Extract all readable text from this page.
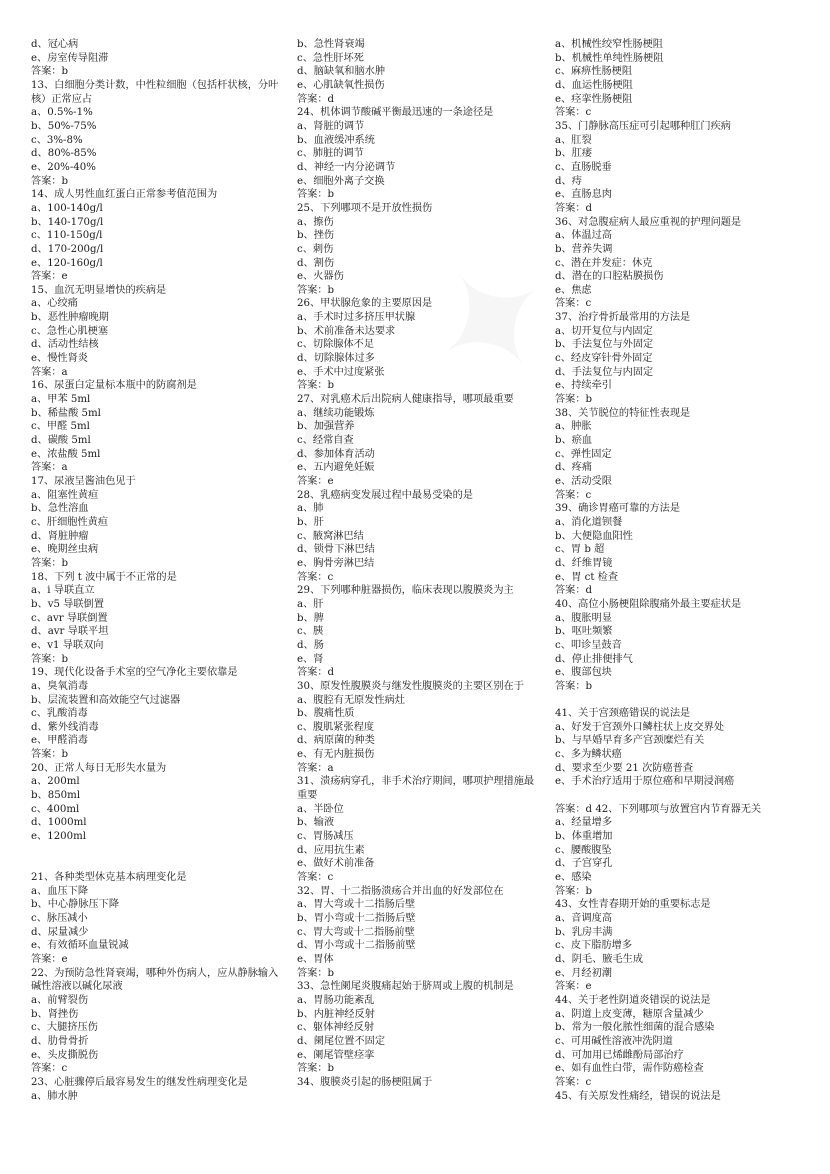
d、冠心病
e、房室传导阻滞
答案：b
13、白细胞分类计数，中性粒细胞（包括杆状核，分叶核）正常应占
a、0.5%-1%
b、50%-75%
c、3%-8%
d、80%-85%
e、20%-40%
答案：b
14、成人男性血红蛋白正常参考值范围为
a、100-140g/l
b、140-170g/l
c、110-150g/l
d、170-200g/l
e、120-160g/l
答案：e
15、血沉无明显增快的疾病是
a、心绞痛
b、恶性肿瘤晚期
c、急性心肌梗塞
d、活动性结核
e、慢性肾炎
答案：a
16、尿蛋白定量标本瓶中的防腐剂是
a、甲苯 5ml
b、稀盐酸 5ml
c、甲醛 5ml
d、碳酸 5ml
e、浓盐酸 5ml
答案：a
17、尿液呈酱油色见于
a、阻塞性黄疸
b、急性溶血
c、肝细胞性黄疸
d、肾脏肿瘤
e、晚期丝虫病
答案：b
18、下列 t 波中属于不正常的是
a、i 导联直立
b、v5 导联倒置
c、avr 导联倒置
d、avr 导联平坦
e、v1 导联双向
答案：b
19、现代化设备手术室的空气净化主要依靠是
a、臭氧消毒
b、层流装置和高效能空气过滤器
c、乳酸消毒
d、紫外线消毒
e、甲醛消毒
答案：b
20、正常人每日无形失水量为
a、200ml
b、850ml
c、400ml
d、1000ml
e、1200ml
21、各种类型休克基本病理变化是
a、血压下降
b、中心静脉压下降
c、脉压减小
d、尿量减少
e、有效循环血量锐减
答案：e
22、为预防急性肾衰竭，哪种外伤病人，应从静脉输入碱性溶液以碱化尿液
a、前臂裂伤
b、肾挫伤
c、大腿挤压伤
d、肋骨骨折
e、头皮撕脱伤
答案：c
23、心脏骤停后最容易发生的继发性病理变化是
a、肺水肿
b、急性肾衰竭
c、急性肝坏死
d、脑缺氧和脑水肿
e、心肌缺氧性损伤
答案：d
24、机体调节酸碱平衡最迅速的一条途径是
a、肾脏的调节
b、血液缓冲系统
c、肺脏的调节
d、神经一内分泌调节
e、细胞外离子交换
答案：b
25、下列哪项不是开放性损伤
a、擦伤
b、挫伤
c、刺伤
d、割伤
e、火器伤
答案：b
26、甲状腺危象的主要原因是
a、手术时过多挤压甲状腺
b、术前准备未达要求
c、切除腺体不足
d、切除腺体过多
e、手术中过度紧张
答案：b
27、对乳癌术后出院病人健康指导，哪项最重要
a、继续功能锻炼
b、加强营养
c、经常自查
d、参加体育活动
e、五内避免妊娠
答案：e
28、乳癌病变发展过程中最易受染的是
a、肺
b、肝
c、腋窝淋巴结
d、锁骨下淋巴结
e、胸骨旁淋巴结
答案：c
29、下列哪种脏器损伤，临床表现以腹膜炎为主
a、肝
b、脾
c、胰
d、肠
e、肾
答案：d
30、原发性腹膜炎与继发性腹膜炎的主要区别在于
a、腹腔有无原发性病灶
b、腹痛性质
c、腹肌紧张程度
d、病原菌的种类
e、有无内脏损伤
答案：a
31、溃疡病穿孔，非手术治疗期间，哪项护理措施最重要
a、半卧位
b、输液
c、胃肠减压
d、应用抗生素
e、做好术前准备
答案：c
32、胃、十二指肠溃疡合并出血的好发部位在
a、胃大弯或十二指肠后壁
b、胃小弯或十二指肠后壁
c、胃大弯或十二指肠前壁
d、胃小弯或十二指肠前壁
e、胃体
答案：b
33、急性阑尾炎腹痛起始于脐周或上腹的机制是
a、胃肠功能紊乱
b、内脏神经反射
c、躯体神经反射
d、阑尾位置不固定
e、阑尾管壁痉挛
答案：b
34、腹膜炎引起的肠梗阻属于
a、机械性绞窄性肠梗阻
b、机械性单纯性肠梗阻
c、麻痹性肠梗阻
d、血运性肠梗阻
e、痉挛性肠梗阻
答案：c
35、门静脉高压症可引起哪种肛门疾病
a、肛裂
b、肛瘘
c、直肠脱垂
d、痔
e、直肠息肉
答案：d
36、对急腹症病人最应重视的护理问题是
a、体温过高
b、营养失调
c、潜在并发症：休克
d、潜在的口腔粘膜损伤
e、焦虑
答案：c
37、治疗骨折最常用的方法是
a、切开复位与内固定
b、手法复位与外固定
c、经皮穿针骨外固定
d、手法复位与内固定
e、持续牵引
答案：b
38、关节脱位的特征性表现是
a、肿胀
b、瘀血
c、弹性固定
d、疼痛
e、活动受限
答案：c
39、确诊胃癌可靠的方法是
a、消化道钡餐
b、大便隐血阳性
c、胃 b 超
d、纤维胃镜
e、胃 ct 检查
答案：d
40、高位小肠梗阻除腹痛外最主要症状是
a、腹胀明显
b、呕吐频繁
c、叩诊呈鼓音
d、停止排便排气
e、腹部包块
答案：b
41、关于宫颈癌错误的说法是
a、好发于宫颈外口鳞柱状上皮交界处
b、与早婚早育多产宫颈糜烂有关
c、多为鳞状癌
d、要求至少要 21 次防癌普查
e、手术治疗适用于原位癌和早期浸润癌
答案：d 42、下列哪项与放置宫内节育器无关
a、经量增多
b、体重增加
c、腰酸腹坠
d、子宫穿孔
e、感染
答案：b
43、女性青春期开始的重要标志是
a、音调度高
b、乳房丰满
c、皮下脂肪增多
d、阴毛、腋毛生成
e、月经初潮
答案：e
44、关于老性阴道炎错误的说法是
a、阴道上皮变薄，糖原含量减少
b、常为一般化脓性细菌的混合感染
c、可用碱性溶液冲洗阴道
d、可加用已烯雌酚局部治疗
e、如有血性白带，需作防癌检查
答案：c
45、有关原发性痛经，错误的说法是
